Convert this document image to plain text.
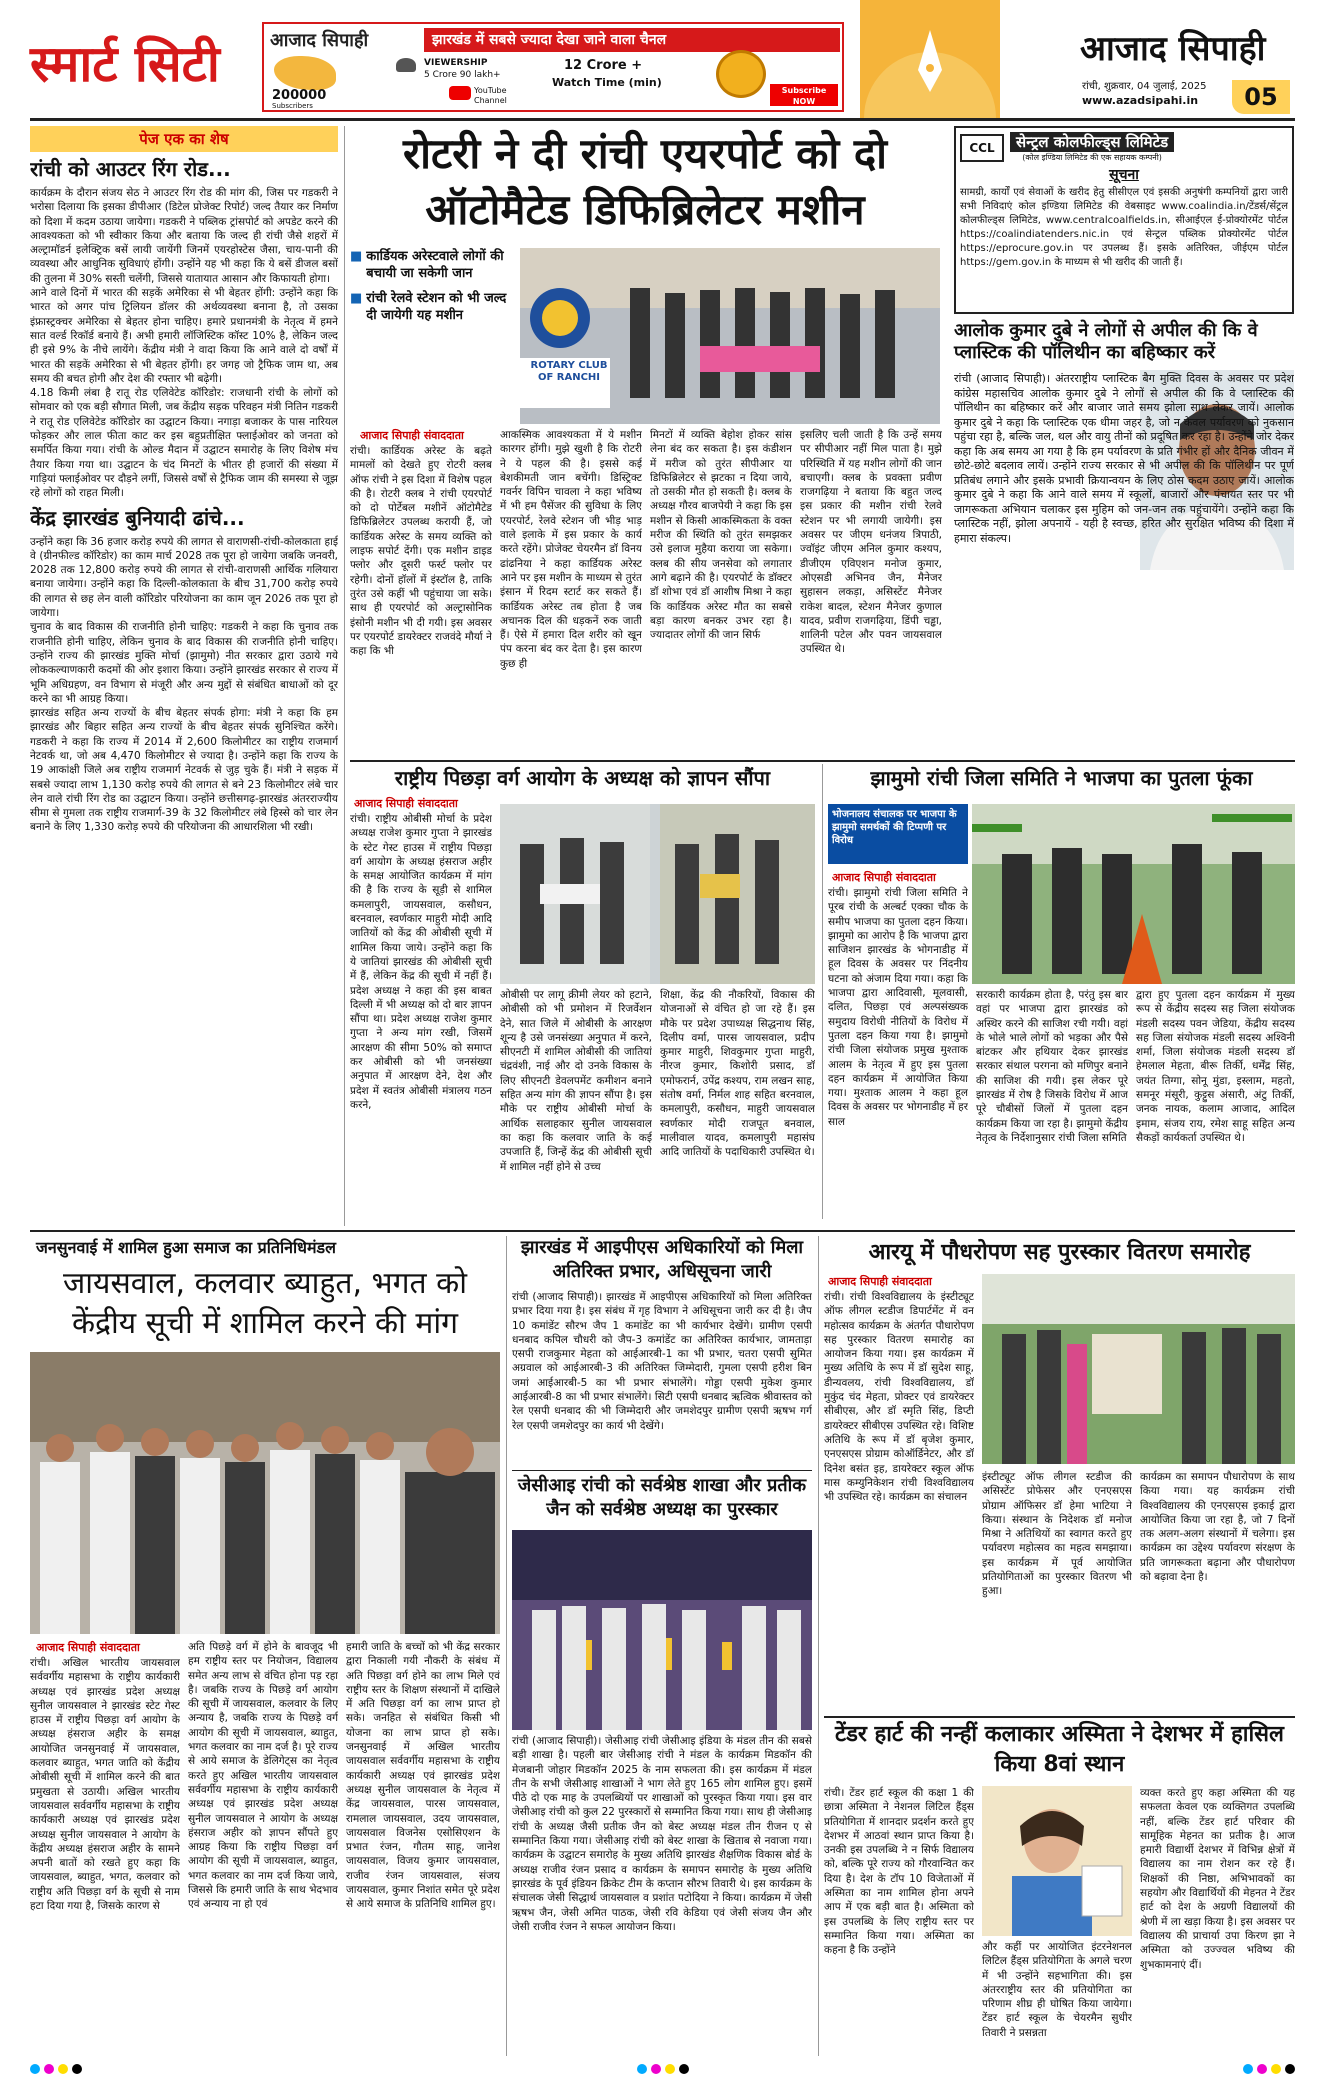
स्मार्ट सिटी	आजाद सिपाही	झारखंड में सबसे ज्यादा देखा जाने वाला चैनल
200000
Subscribers
VIEWERSHIP
5 Crore 90 lakh+
YouTube Channel
12 Crore +
Watch Time (min)
Subscribe NOW
आजाद सिपाही
रांची, शुक्रवार, 04 जुलाई, 2025
www.azadsipahi.in	05
पेज एक का शेष
रांची को आउटर रिंग रोड...

कार्यक्रम के दौरान संजय सेठ ने आउटर रिंग रोड की मांग की, जिस पर गडकरी ने भरोसा दिलाया कि इसका डीपीआर (डिटेल प्रोजेक्ट रिपोर्ट) जल्द तैयार कर निर्माण को दिशा में कदम उठाया जायेगा। गडकरी ने पब्लिक ट्रांसपोर्ट को अपडेट करने की आवश्यकता को भी स्वीकार किया और बताया कि जल्द ही रांची जैसे शहरों में अल्ट्रामॉडर्न इलेक्ट्रिक बसें लायी जायेंगी जिनमें एयरहोस्टेस जैसा, चाय-पानी की व्यवस्था और आधुनिक सुविधाएं होंगी। उन्होंने यह भी कहा कि ये बसें डीजल बसों की तुलना में 30% सस्ती चलेंगी, जिससे यातायात आसान और किफायती होगा।

आने वाले दिनों में भारत की सड़कें अमेरिका से भी बेहतर होंगी: उन्होंने कहा कि भारत को अगर पांच ट्रिलियन डॉलर की अर्थव्यवस्था बनाना है, तो उसका इंफ्रास्ट्रक्चर अमेरिका से बेहतर होना चाहिए। हमारे प्रधानमंत्री के नेतृत्व में हमने सात वर्ल्ड रिकॉर्ड बनाये हैं। अभी हमारी लॉजिस्टिक कॉस्ट 10% है, लेकिन जल्द ही इसे 9% के नीचे लायेंगे। केंद्रीय मंत्री ने वादा किया कि आने वाले दो वर्षों में भारत की सड़कें अमेरिका से भी बेहतर होंगी। हर जगह जो ट्रैफिक जाम था, अब समय की बचत होगी और देश की रफ्तार भी बढ़ेगी।

4.18 किमी लंबा है रातू रोड एलिवेटेड कॉरिडोर: राजधानी रांची के लोगों को सोमवार को एक बड़ी सौगात मिली, जब केंद्रीय सड़क परिवहन मंत्री नितिन गडकरी ने रातू रोड एलिवेटेड कॉरिडोर का उद्घाटन किया। नगाड़ा बजाकर के पास नारियल फोड़कर और लाल फीता काट कर इस बहुप्रतीक्षित फ्लाईओवर को जनता को समर्पित किया गया। रांची के ओल्ड मैदान में उद्घाटन समारोह के लिए विशेष मंच तैयार किया गया था। उद्घाटन के चंद मिनटों के भीतर ही हजारों की संख्या में गाड़ियां फ्लाईओवर पर दौड़ने लगीं, जिससे वर्षों से ट्रैफिक जाम की समस्या से जूझ रहे लोगों को राहत मिली।

केंद्र झारखंड बुनियादी ढांचे...

उन्होंने कहा कि 36 हजार करोड़ रुपये की लागत से वाराणसी-रांची-कोलकाता हाई वे (ग्रीनफील्ड कॉरिडोर) का काम मार्च 2028 तक पूरा हो जायेगा जबकि जनवरी, 2028 तक 12,800 करोड़ रुपये की लागत से रांची-वाराणसी आर्थिक गलियारा बनाया जायेगा। उन्होंने कहा कि दिल्ली-कोलकाता के बीच 31,700 करोड़ रुपये की लागत से छह लेन वाली कॉरिडोर परियोजना का काम जून 2026 तक पूरा हो जायेगा।

चुनाव के बाद विकास की राजनीति होनी चाहिए: गडकरी ने कहा कि चुनाव तक राजनीति होनी चाहिए, लेकिन चुनाव के बाद विकास की राजनीति होनी चाहिए। उन्होंने राज्य की झारखंड मुक्ति मोर्चा (झामुमो) नीत सरकार द्वारा उठाये गये लोककल्याणकारी कदमों की ओर इशारा किया। उन्होंने झारखंड सरकार से राज्य में भूमि अधिग्रहण, वन विभाग से मंजूरी और अन्य मुद्दों से संबंधित बाधाओं को दूर करने का भी आग्रह किया।

झारखंड सहित अन्य राज्यों के बीच बेहतर संपर्क होगा: मंत्री ने कहा कि हम झारखंड और बिहार सहित अन्य राज्यों के बीच बेहतर संपर्क सुनिश्चित करेंगे। गडकरी ने कहा कि राज्य में 2014 में 2,600 किलोमीटर का राष्ट्रीय राजमार्ग नेटवर्क था, जो अब 4,470 किलोमीटर से ज्यादा है। उन्होंने कहा कि राज्य के 19 आकांक्षी जिले अब राष्ट्रीय राजमार्ग नेटवर्क से जुड़ चुके हैं। मंत्री ने सड़क में सबसे ज्यादा लाभ 1,130 करोड़ रुपये की लागत से बने 23 किलोमीटर लंबे चार लेन वाले रांची रिंग रोड का उद्घाटन किया। उन्होंने छत्तीसगढ़-झारखंड अंतरराज्यीय सीमा से गुमला तक राष्ट्रीय राजमार्ग-39 के 32 किलोमीटर लंबे हिस्से को चार लेन बनाने के लिए 1,330 करोड़ रुपये की परियोजना की आधारशिला भी रखी।

रोटरी ने दी रांची एयरपोर्ट को दो ऑटोमैटेड डिफिब्रिलेटर मशीन
■ कार्डियक अरेस्टवाले लोगों की बचायी जा सकेगी जान
■ रांची रेलवे स्टेशन को भी जल्द दी जायेगी यह मशीन
ROTARY CLUB OF RANCHI
आजाद सिपाही संवाददाता

रांची। कार्डियक अरेस्ट के बढ़ते मामलों को देखते हुए रोटरी क्लब ऑफ रांची ने इस दिशा में विशेष पहल की है। रोटरी क्लब ने रांची एयरपोर्ट को दो पोर्टेबल मशीनें ऑटोमैटेड डिफिब्रिलेटर उपलब्ध करायी हैं, जो कार्डियक अरेस्ट के समय व्यक्ति को लाइफ सपोर्ट देंगी। एक मशीन डाइड फ्लोर और दूसरी फर्स्ट फ्लोर पर रहेगी। दोनों हॉलों में इंस्टॉल है, ताकि तुरंत उसे कहीं भी पहुंचाया जा सके। साथ ही एयरपोर्ट को अल्ट्रासोनिक इंसोनी मशीन भी दी गयी। इस अवसर पर एयरपोर्ट डायरेक्टर राजवंदे मौर्या ने कहा कि भी

आकस्मिक आवश्यकता में ये मशीन कारगर होंगी। मुझे खुशी है कि रोटरी ने ये पहल की है। इससे कई बेशकीमती जान बचेंगी। डिस्ट्रिक्ट गवर्नर विपिन चावला ने कहा भविष्य में भी हम पैसेंजर की सुविधा के लिए एयरपोर्ट, रेलवे स्टेशन जी भीड़ भाड़ वाले इलाके में इस प्रकार के कार्य करते रहेंगे। प्रोजेक्ट चेयरमैन डॉ विनय ढांढनिया ने कहा कार्डियक अरेस्ट आने पर इस मशीन के माध्यम से तुरंत इंसान में रिदम स्टार्ट कर सकते हैं। कार्डियक अरेस्ट तब होता है जब अचानक दिल की धड़कनें रुक जाती हैं। ऐसे में हमारा दिल शरीर को खून पंप करना बंद कर देता है। इस कारण कुछ ही

मिनटों में व्यक्ति बेहोश होकर सांस लेना बंद कर सकता है। इस कंडीशन में मरीज को तुरंत सीपीआर या डिफिब्रिलेटर से झटका न दिया जाये, तो उसकी मौत हो सकती है। क्लब के अध्यक्ष गौरव बाजपेयी ने कहा कि इस मशीन से किसी आकस्मिकता के वक्त मरीज की स्थिति को तुरंत समझकर उसे इलाज मुहैया कराया जा सकेगा। क्लब की सीय जनसेवा को लगातार आगे बढ़ाने की है। एयरपोर्ट के डॉक्टर डॉ शोभा एवं डॉ आशीष मिश्रा ने कहा कि कार्डियक अरेस्ट मौत का सबसे बड़ा कारण बनकर उभर रहा है। ज्यादातर लोगों की जान सिर्फ

इसलिए चली जाती है कि उन्हें समय पर सीपीआर नहीं मिल पाता है। मुझे परिस्थिति में यह मशीन लोगों की जान बचाएगी। क्लब के प्रवक्ता प्रवीण राजगढ़िया ने बताया कि बहुत जल्द इस प्रकार की मशीन रांची रेलवे स्टेशन पर भी लगायी जायेगी। इस अवसर पर जीएम धनंजय त्रिपाठी, ज्वॉइंट जीएम अनिल कुमार कश्यप, डीजीएम एविएशन मनोज कुमार, ओएसडी अभिनव जैन, मैनेजर सुहासन लकड़ा, असिस्टेंट मैनेजर राकेश बादल, स्टेशन मैनेजर कुणाल यादव, प्रवीण राजगढ़िया, डिंपी चड्ढा, शालिनी पटेल और पवन जायसवाल उपस्थित थे।

CCL	सेन्ट्रल कोलफील्ड्स लिमिटेड
(कोल इण्डिया लिमिटेड की एक सहायक कम्पनी)
सूचना

सामग्री, कार्यों एवं सेवाओं के खरीद हेतु सीसीएल एवं इसकी अनुषंगी कम्पनियों द्वारा जारी सभी निविदाएं कोल इण्डिया लिमिटेड की वेबसाइट www.coalindia.in/टेंडर्स/सेंट्रल कोलफील्ड्स लिमिटेड, www.centralcoalfields.in, सीआईएल ई-प्रोक्योरमेंट पोर्टल https://coalindiatenders.nic.in एवं सेन्ट्रल पब्लिक प्रोक्योरमेंट पोर्टल https://eprocure.gov.in पर उपलब्ध हैं। इसके अतिरिक्त, जीईएम पोर्टल https://gem.gov.in के माध्यम से भी खरीद की जाती हैं।

आलोक कुमार दुबे ने लोगों से अपील की कि वे प्लास्टिक की पॉलिथीन का बहिष्कार करें

रांची (आजाद सिपाही)। अंतरराष्ट्रीय प्लास्टिक बैग मुक्ति दिवस के अवसर पर प्रदेश कांग्रेस महासचिव आलोक कुमार दुबे ने लोगों से अपील की कि वे प्लास्टिक की पॉलिथीन का बहिष्कार करें और बाजार जाते समय झोला साथ लेकर जायें। आलोक कुमार दुबे ने कहा कि प्लास्टिक एक धीमा जहर है, जो न केवल पर्यावरण को नुकसान पहुंचा रहा है, बल्कि जल, थल और वायु तीनों को प्रदूषित कर रहा है। उन्होंने जोर देकर कहा कि अब समय आ गया है कि हम पर्यावरण के प्रति गंभीर हों और दैनिक जीवन में छोटे-छोटे बदलाव लायें। उन्होंने राज्य सरकार से भी अपील की कि पॉलिथीन पर पूर्ण प्रतिबंध लगाने और इसके प्रभावी क्रियान्वयन के लिए ठोस कदम उठाए जायें। आलोक कुमार दुबे ने कहा कि आने वाले समय में स्कूलों, बाजारों और पंचायत स्तर पर भी जागरूकता अभियान चलाकर इस मुहिम को जन-जन तक पहुंचायेंगे। उन्होंने कहा कि प्लास्टिक नहीं, झोला अपनायें - यही है स्वच्छ, हरित और सुरक्षित भविष्य की दिशा में हमारा संकल्प।

राष्ट्रीय पिछड़ा वर्ग आयोग के अध्यक्ष को ज्ञापन सौंपा
आजाद सिपाही संवाददाता

रांची। राष्ट्रीय ओबीसी मोर्चा के प्रदेश अध्यक्ष राजेश कुमार गुप्ता ने झारखंड के स्टेट गेस्ट हाउस में राष्ट्रीय पिछड़ा वर्ग आयोग के अध्यक्ष हंसराज अहीर के समक्ष आयोजित कार्यक्रम में मांग की है कि राज्य के सूड़ी से शामिल कमलापुरी, जायसवाल, कसौधन, बरनवाल, स्वर्णकार माहुरी मोदी आदि जातियों को केंद्र की ओबीसी सूची में शामिल किया जाये। उन्होंने कहा कि ये जातियां झारखंड की ओबीसी सूची में हैं, लेकिन केंद्र की सूची में नहीं हैं। प्रदेश अध्यक्ष ने कहा की इस बाबत दिल्ली में भी अध्यक्ष को दो बार ज्ञापन सौंपा था। प्रदेश अध्यक्ष राजेश कुमार गुप्ता ने अन्य मांग रखी, जिसमें आरक्षण की सीमा 50% को समाप्त कर ओबीसी को भी जनसंख्या अनुपात में आरक्षण देने, देश और प्रदेश में स्वतंत्र ओबीसी मंत्रालय गठन करने,

ओबीसी पर लागू क्रीमी लेयर को हटाने, ओबीसी को भी प्रमोशन में रिजर्वेशन देने, सात जिले में ओबीसी के आरक्षण शून्य है उसे जनसंख्या अनुपात में करने, सीएनटी में शामिल ओबीसी की जातियां चंद्रवंशी, नाई और दो उनके विकास के लिए सीएनटी डेवलपमेंट कमीशन बनाने सहित अन्य मांग की ज्ञापन सौंपा है। इस मौके पर राष्ट्रीय ओबीसी मोर्चा के आर्थिक सलाहकार सुनील जायसवाल का कहा कि कलवार जाति के कई उपजाति हैं, जिन्हें केंद्र की ओबीसी सूची में शामिल नहीं होने से उच्च

शिक्षा, केंद्र की नौकरियों, विकास की योजनाओं से वंचित हो जा रहे हैं। इस मौके पर प्रदेश उपाध्यक्ष सिद्धनाथ सिंह, दिलीप वर्मा, पारस जायसवाल, प्रदीप कुमार माहुरी, शिवकुमार गुप्ता माहुरी, नीरज कुमार, किशोरी प्रसाद, डॉ एमोफरार्न, उपेंद्र कश्यप, राम लखन साह, संतोष वर्मा, निर्मल शाह सहित बरनवाल, कमलापुरी, कसौधन, माहुरी जायसवाल स्वर्णकार मोदी राजपूत बनवाल, मालीवाल यादव, कमलापुरी महासंघ आदि जातियों के पदाधिकारी उपस्थित थे।

झामुमो रांची जिला समिति ने भाजपा का पुतला फूंका
भोजनालय संचालक पर भाजपा के झामुमो समर्थकों की टिप्पणी पर विरोध
आजाद सिपाही संवाददाता

रांची। झामुमो रांची जिला समिति ने पूरब रांची के अल्बर्ट एक्का चौक के समीप भाजपा का पुतला दहन किया। झामुमो का आरोप है कि भाजपा द्वारा साजिशन झारखंड के भोगनाडीह में हूल दिवस के अवसर पर निंदनीय घटना को अंजाम दिया गया। कहा कि भाजपा द्वारा आदिवासी, मूलवासी, दलित, पिछड़ा एवं अल्पसंख्यक समुदाय विरोधी नीतियों के विरोध में पुतला दहन किया गया है। झामुमो रांची जिला संयोजक प्रमुख मुश्ताक आलम के नेतृत्व में हुए इस पुतला दहन कार्यक्रम में आयोजित किया गया। मुश्ताक आलम ने कहा हूल दिवस के अवसर पर भोगनाडीह में हर साल

सरकारी कार्यक्रम होता है, परंतु इस बार वहां पर भाजपा द्वारा झारखंड को अस्थिर करने की साजिश रची गयी। वहां के भोले भाले लोगों को भड़का और पैसे बांटकर और हथियार देकर झारखंड सरकार संथाल परगना को मणिपुर बनाने की साजिश की गयी। इस लेकर पूरे झारखंड में रोष है जिसके विरोध में आज पूरे चौबीसों जिलों में पुतला दहन कार्यक्रम किया जा रहा है। झामुमो केंद्रीय नेतृत्व के निर्देशानुसार रांची जिला समिति

द्वारा हुए पुतला दहन कार्यक्रम में मुख्य रूप से केंद्रीय सदस्य सह जिला संयोजक मंडली सदस्य पवन जेडिया, केंद्रीय सदस्य सह जिला संयोजक मंडली सदस्य अश्विनी शर्मा, जिला संयोजक मंडली सदस्य डॉ हेमलाल मेहता, बीरू तिर्की, धर्मेंद्र सिंह, जयंत तिग्गा, सोनू मुंडा, इस्लाम, महतो, समनूर मंसूरी, कुट्टुस अंसारी, अंटु तिर्की, जनक नायक, कलाम आजाद, आदिल इमाम, संजय राय, रमेश साहू सहित अन्य सैकड़ों कार्यकर्ता उपस्थित थे।

जनसुनवाई में शामिल हुआ समाज का प्रतिनिधिमंडल
जायसवाल, कलवार ब्याहुत, भगत को केंद्रीय सूची में शामिल करने की मांग
आजाद सिपाही संवाददाता

रांची। अखिल भारतीय जायसवाल सर्ववर्गीय महासभा के राष्ट्रीय कार्यकारी अध्यक्ष एवं झारखंड प्रदेश अध्यक्ष सुनील जायसवाल ने झारखंड स्टेट गेस्ट हाउस में राष्ट्रीय पिछड़ा वर्ग आयोग के अध्यक्ष हंसराज अहीर के समक्ष आयोजित जनसुनवाई में जायसवाल, कलवार ब्याहुत, भगत जाति को केंद्रीय ओबीसी सूची में शामिल करने की बात प्रमुखता से उठायी। अखिल भारतीय जायसवाल सर्ववर्गीय महासभा के राष्ट्रीय कार्यकारी अध्यक्ष एवं झारखंड प्रदेश अध्यक्ष सुनील जायसवाल ने आयोग के केंद्रीय अध्यक्ष हंसराज अहीर के सामने अपनी बातों को रखते हुए कहा कि जायसवाल, ब्याहुत, भगत, कलवार को राष्ट्रीय अति पिछड़ा वर्ग के सूची से नाम हटा दिया गया है, जिसके कारण से

अति पिछड़े वर्ग में होने के बावजूद भी हम राष्ट्रीय स्तर पर नियोजन, विद्यालय समेत अन्य लाभ से वंचित होना पड़ रहा है। जबकि राज्य के पिछड़े वर्ग आयोग की सूची में जायसवाल, कलवार के लिए अन्याय है, जबकि राज्य के पिछड़े वर्ग आयोग की सूची में जायसवाल, ब्याहुत, भगत कलवार का नाम दर्ज है। पूरे राज्य से आये समाज के डेलिगेट्स का नेतृत्व करते हुए अखिल भारतीय जायसवाल सर्ववर्गीय महासभा के राष्ट्रीय कार्यकारी अध्यक्ष एवं झारखंड प्रदेश अध्यक्ष सुनील जायसवाल ने आयोग के अध्यक्ष हंसराज अहीर को ज्ञापन सौंपते हुए आग्रह किया कि राष्ट्रीय पिछड़ा वर्ग आयोग की सूची में जायसवाल, ब्याहुत, भगत कलवार का नाम दर्ज किया जाये, जिससे कि हमारी जाति के साथ भेदभाव एवं अन्याय ना हो एवं

हमारी जाति के बच्चों को भी केंद्र सरकार द्वारा निकाली गयी नौकरी के संबंध में अति पिछड़ा वर्ग होने का लाभ मिले एवं राष्ट्रीय स्तर के शिक्षण संस्थानों में दाखिले में अति पिछड़ा वर्ग का लाभ प्राप्त हो सके। जनहित से संबंधित किसी भी योजना का लाभ प्राप्त हो सके। जनसुनवाई में अखिल भारतीय जायसवाल सर्ववर्गीय महासभा के राष्ट्रीय कार्यकारी अध्यक्ष एवं झारखंड प्रदेश अध्यक्ष सुनील जायसवाल के नेतृत्व में केंद्र जायसवाल, पारस जायसवाल, रामलाल जायसवाल, उदय जायसवाल, जायसवाल विजनेस एसोसिएशन के प्रभात रंजन, गौतम साहू, जानेश जायसवाल, विजय कुमार जायसवाल, राजीव रंजन जायसवाल, संजय जायसवाल, कुमार निशांत समेत पूरे प्रदेश से आये समाज के प्रतिनिधि शामिल हुए।

झारखंड में आइपीएस अधिकारियों को मिला अतिरिक्त प्रभार, अधिसूचना जारी

रांची (आजाद सिपाही)। झारखंड में आइपीएस अधिकारियों को मिला अतिरिक्त प्रभार दिया गया है। इस संबंध में गृह विभाग ने अधिसूचना जारी कर दी है। जैप 10 कमांडेंट सौरभ जैप 1 कमांडेंट का भी कार्यभार देखेंगे। ग्रामीण एसपी धनबाद कपिल चौधरी को जैप-3 कमांडेंट का अतिरिक्त कार्यभार, जामताड़ा एसपी राजकुमार मेहता को आईआरबी-1 का भी प्रभार, चतरा एसपी सुमित अग्रवाल को आईआरबी-3 की अतिरिक्त जिम्मेदारी, गुमला एसपी हरीश बिन जमां आईआरबी-5 का भी प्रभार संभालेंगे। गोड्डा एसपी मुकेश कुमार आईआरबी-8 का भी प्रभार संभालेंगे। सिटी एसपी धनबाद ऋत्विक श्रीवास्तव को रेल एसपी धनबाद की भी जिम्मेदारी और जमशेदपुर ग्रामीण एसपी ऋषभ गर्ग रेल एसपी जमशेदपुर का कार्य भी देखेंगे।

जेसीआइ रांची को सर्वश्रेष्ठ शाखा और प्रतीक जैन को सर्वश्रेष्ठ अध्यक्ष का पुरस्कार

रांची (आजाद सिपाही)। जेसीआइ रांची जेसीआइ इंडिया के मंडल तीन की सबसे बड़ी शाखा है। पहली बार जेसीआइ रांची ने मंडल के कार्यक्रम मिडकॉन की मेजबानी जोहार मिडकॉन 2025 के नाम सफलता की। इस कार्यक्रम में मंडल तीन के सभी जेसीआइ शाखाओं ने भाग लेते हुए 165 लोग शामिल हुए। इसमें पीठे दो एक माह के उपलब्धियों पर शाखाओं को पुरस्कृत किया गया। इस वार जेसीआइ रांची को कुल 22 पुरस्कारों से सम्मानित किया गया। साथ ही जेसीआइ रांची के अध्यक्ष जैसी प्रतीक जैन को बेस्ट अध्यक्ष मंडल तीन रीजन ए से सम्मानित किया गया। जेसीआइ रांची को बेस्ट शाखा के खिताब से नवाजा गया। कार्यक्रम के उद्घाटन समारोह के मुख्य अतिथि झारखंड शैक्षणिक विकास बोर्ड के अध्यक्ष राजीव रंजन प्रसाद व कार्यक्रम के समापन समारोह के मुख्य अतिथि झारखंड के पूर्व इंडियन क्रिकेट टीम के कप्तान सौरभ तिवारी थे। इस कार्यक्रम के संचालक जेसी सिद्धार्थ जायसवाल व प्रशांत पटोदिया ने किया। कार्यक्रम में जेसी ऋषभ जैन, जेसी अमित पाठक, जेसी रवि केडिया एवं जेसी संजय जैन और जेसी राजीव रंजन ने सफल आयोजन किया।

आरयू में पौधरोपण सह पुरस्कार वितरण समारोह
आजाद सिपाही संवाददाता

रांची। रांची विश्वविद्यालय के इंस्टीट्यूट ऑफ लीगल स्टडीज डिपार्टमेंट में वन महोत्सव कार्यक्रम के अंतर्गत पौधारोपण सह पुरस्कार वितरण समारोह का आयोजन किया गया। इस कार्यक्रम में मुख्य अतिथि के रूप में डॉ सुदेश साहू, डीन्यवलय, रांची विश्वविद्यालय, डॉ मुकुंद चंद मेहता, प्रोक्टर एवं डायरेक्टर सीबीएस, और डॉ स्मृति सिंह, डिप्टी डायरेक्टर सीबीएस उपस्थित रहे। विशिष्ट अतिथि के रूप में डॉ बृजेश कुमार, एनएसएस प्रोग्राम कोऑर्डिनेटर, और डॉ दिनेश बसंत इह, डायरेक्टर स्कूल ऑफ मास कम्युनिकेशन रांची विश्वविद्यालय भी उपस्थित रहे। कार्यक्रम का संचालन

इंस्टीट्यूट ऑफ लीगल स्टडीज की असिस्टेंट प्रोफेसर और एनएसएस प्रोग्राम ऑफिसर डॉ हेमा भाटिया ने किया। संस्थान के निदेशक डॉ मनोज मिश्रा ने अतिथियों का स्वागत करते हुए पर्यावरण महोत्सव का महत्व समझाया। इस कार्यक्रम में पूर्व आयोजित प्रतियोगिताओं का पुरस्कार वितरण भी हुआ।

कार्यक्रम का समापन पौधारोपण के साथ किया गया। यह कार्यक्रम रांची विश्वविद्यालय की एनएसएस इकाई द्वारा आयोजित किया जा रहा है, जो 7 दिनों तक अलग-अलग संस्थानों में चलेगा। इस कार्यक्रम का उद्देश्य पर्यावरण संरक्षण के प्रति जागरूकता बढ़ाना और पौधारोपण को बढ़ावा देना है।

टेंडर हार्ट की नन्हीं कलाकार अस्मिता ने देशभर में हासिल किया 8वां स्थान

रांची। टेंडर हार्ट स्कूल की कक्षा 1 की छात्रा अस्मिता ने नेशनल लिटिल हैंड्स प्रतियोगिता में शानदार प्रदर्शन करते हुए देशभर में आठवां स्थान प्राप्त किया है। उनकी इस उपलब्धि ने न सिर्फ विद्यालय को, बल्कि पूरे राज्य को गौरवान्वित कर दिया है। देश के टॉप 10 विजेताओं में अस्मिता का नाम शामिल होना अपने आप में एक बड़ी बात है। अस्मिता को इस उपलब्धि के लिए राष्ट्रीय स्तर पर सम्मानित किया गया। अस्मिता का कहना है कि उन्होंने	और कहीं पर आयोजित इंटरनेशनल लिटिल हैंड्स प्रतियोगिता के अगले चरण में भी उन्होंने सहभागिता की। इस अंतरराष्ट्रीय स्तर की प्रतियोगिता का परिणाम शीघ्र ही घोषित किया जायेगा। टेंडर हार्ट स्कूल के चेयरमैन सुधीर तिवारी ने प्रसन्नता

व्यक्त करते हुए कहा अस्मिता की यह सफलता केवल एक व्यक्तिगत उपलब्धि नहीं, बल्कि टेंडर हार्ट परिवार की सामूहिक मेहनत का प्रतीक है। आज हमारी विद्यार्थी देशभर में विभिन्न क्षेत्रों में विद्यालय का नाम रोशन कर रहे हैं। शिक्षकों की निष्ठा, अभिभावकों का सहयोग और विद्यार्थियों की मेहनत ने टेंडर हार्ट को देश के अग्रणी विद्यालयों की श्रेणी में ला खड़ा किया है। इस अवसर पर विद्यालय की प्राचार्या उपा किरण झा ने अस्मिता को उज्ज्वल भविष्य की शुभकामनाएं दीं।
